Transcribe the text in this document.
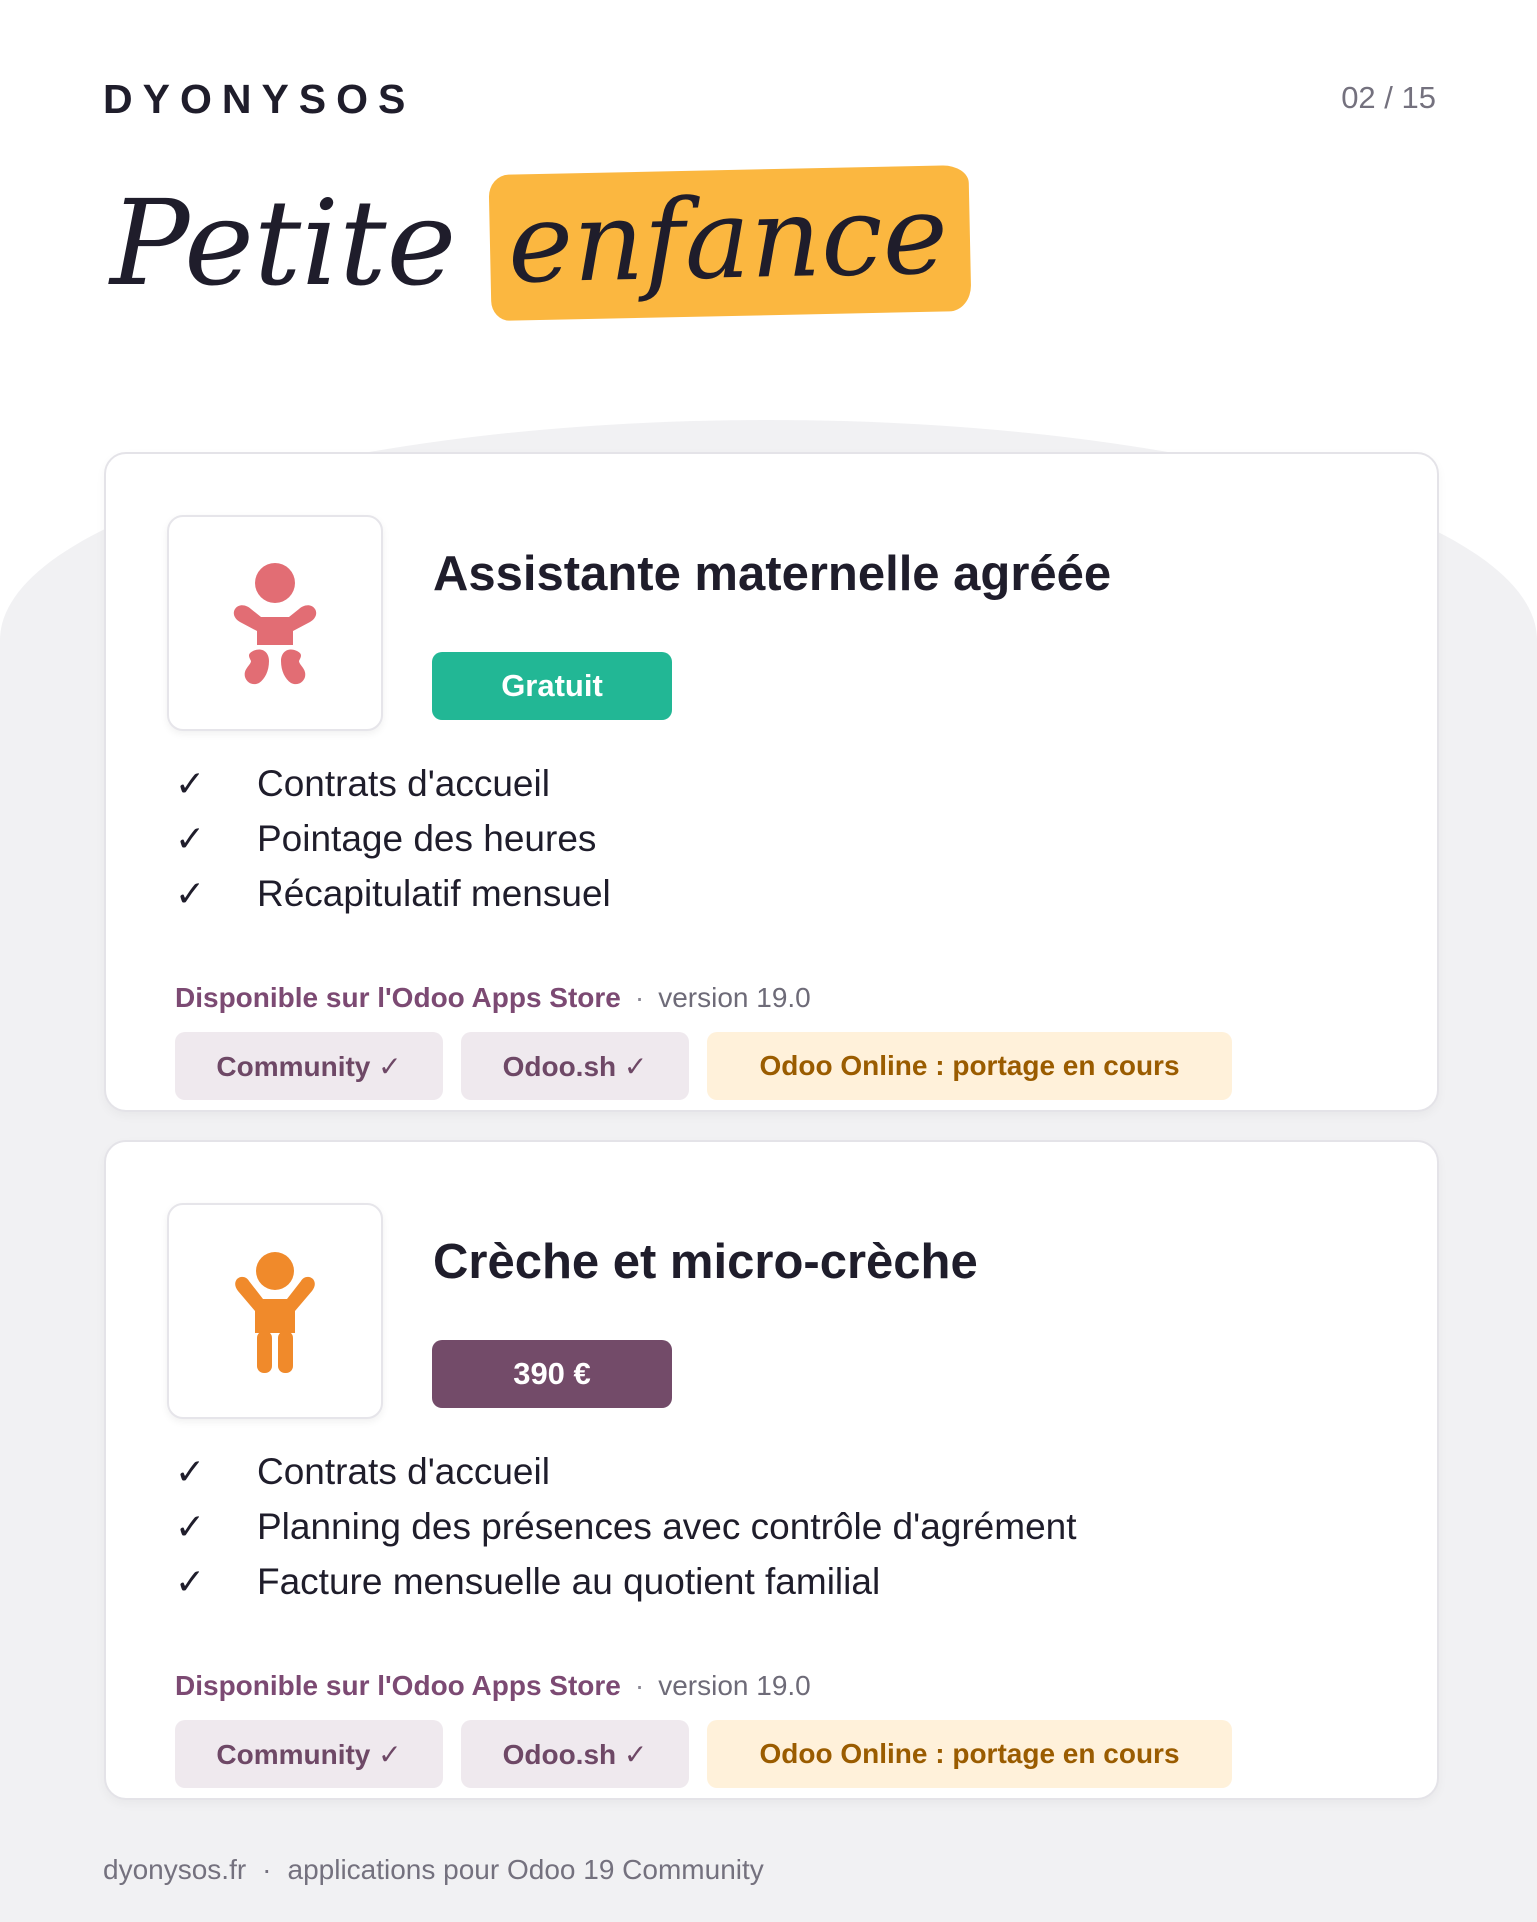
DYONYSOS	02 / 15
Petite enfance
Assistante maternelle agréée
Gratuit
✓	Contrats d'accueil
✓	Pointage des heures
✓	Récapitulatif mensuel
Disponible sur l'Odoo Apps Store · version 19.0
Community ✓	Odoo.sh ✓	Odoo Online : portage en cours
Crèche et micro-crèche
390 €
✓	Contrats d'accueil
✓	Planning des présences avec contrôle d'agrément
✓	Facture mensuelle au quotient familial
Disponible sur l'Odoo Apps Store · version 19.0
Community ✓	Odoo.sh ✓	Odoo Online : portage en cours
dyonysos.fr · applications pour Odoo 19 Community
